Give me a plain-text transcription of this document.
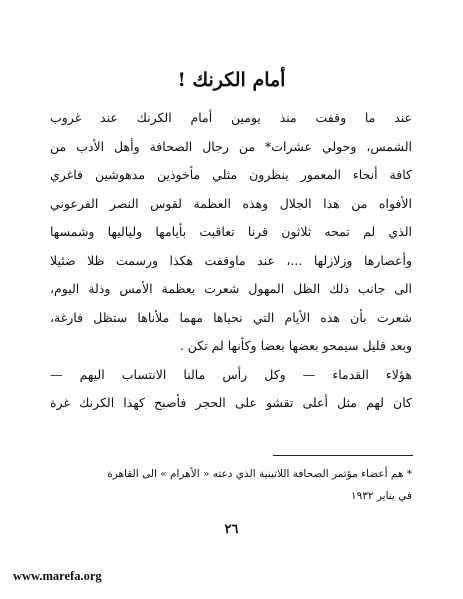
أمام الكرنك !
عند ما وقفت منذ يومين أمام الكرنك عند غروب
الشمس، وحولي عشرات* من رجال الصحافة وأهل الأدب من
كافة أنحاء المعمور ينظرون مثلي مأخوذين مدهوشين فاغري
الأفواه من هذا الجلال وهذه العظمة لقوس النصر الفرعوني
الذي لم تمحه ثلاثون قرنا تعاقبت بأيامها ولياليها وشمسها
وأعصارها وزلازلها ...، عند ماوقفت هكذا ورسمت ظلا ضئيلا
الى جانب ذلك الظل المهول شعرت بعظمة الأمس وذلة اليوم،
شعرت بأن هذه الأيام التي نحياها مهما ملأناها ستظل فارغة،
وبعد قليل سيمحو بعضها بعضا وكأنها لم تكن .
هؤلاء القدماء — وكل رأس مالنا الانتساب اليهم —
كان لهم مثل أعلى تقشو على الحجر فأصبح كهذا الكرنك غرة
* هم أعضاء مؤتمر الصحافة اللاتينية الذي دعته « الأهرام » الى القاهرة
في يناير ١٩٣٢
٢٦
www.marefa.org
